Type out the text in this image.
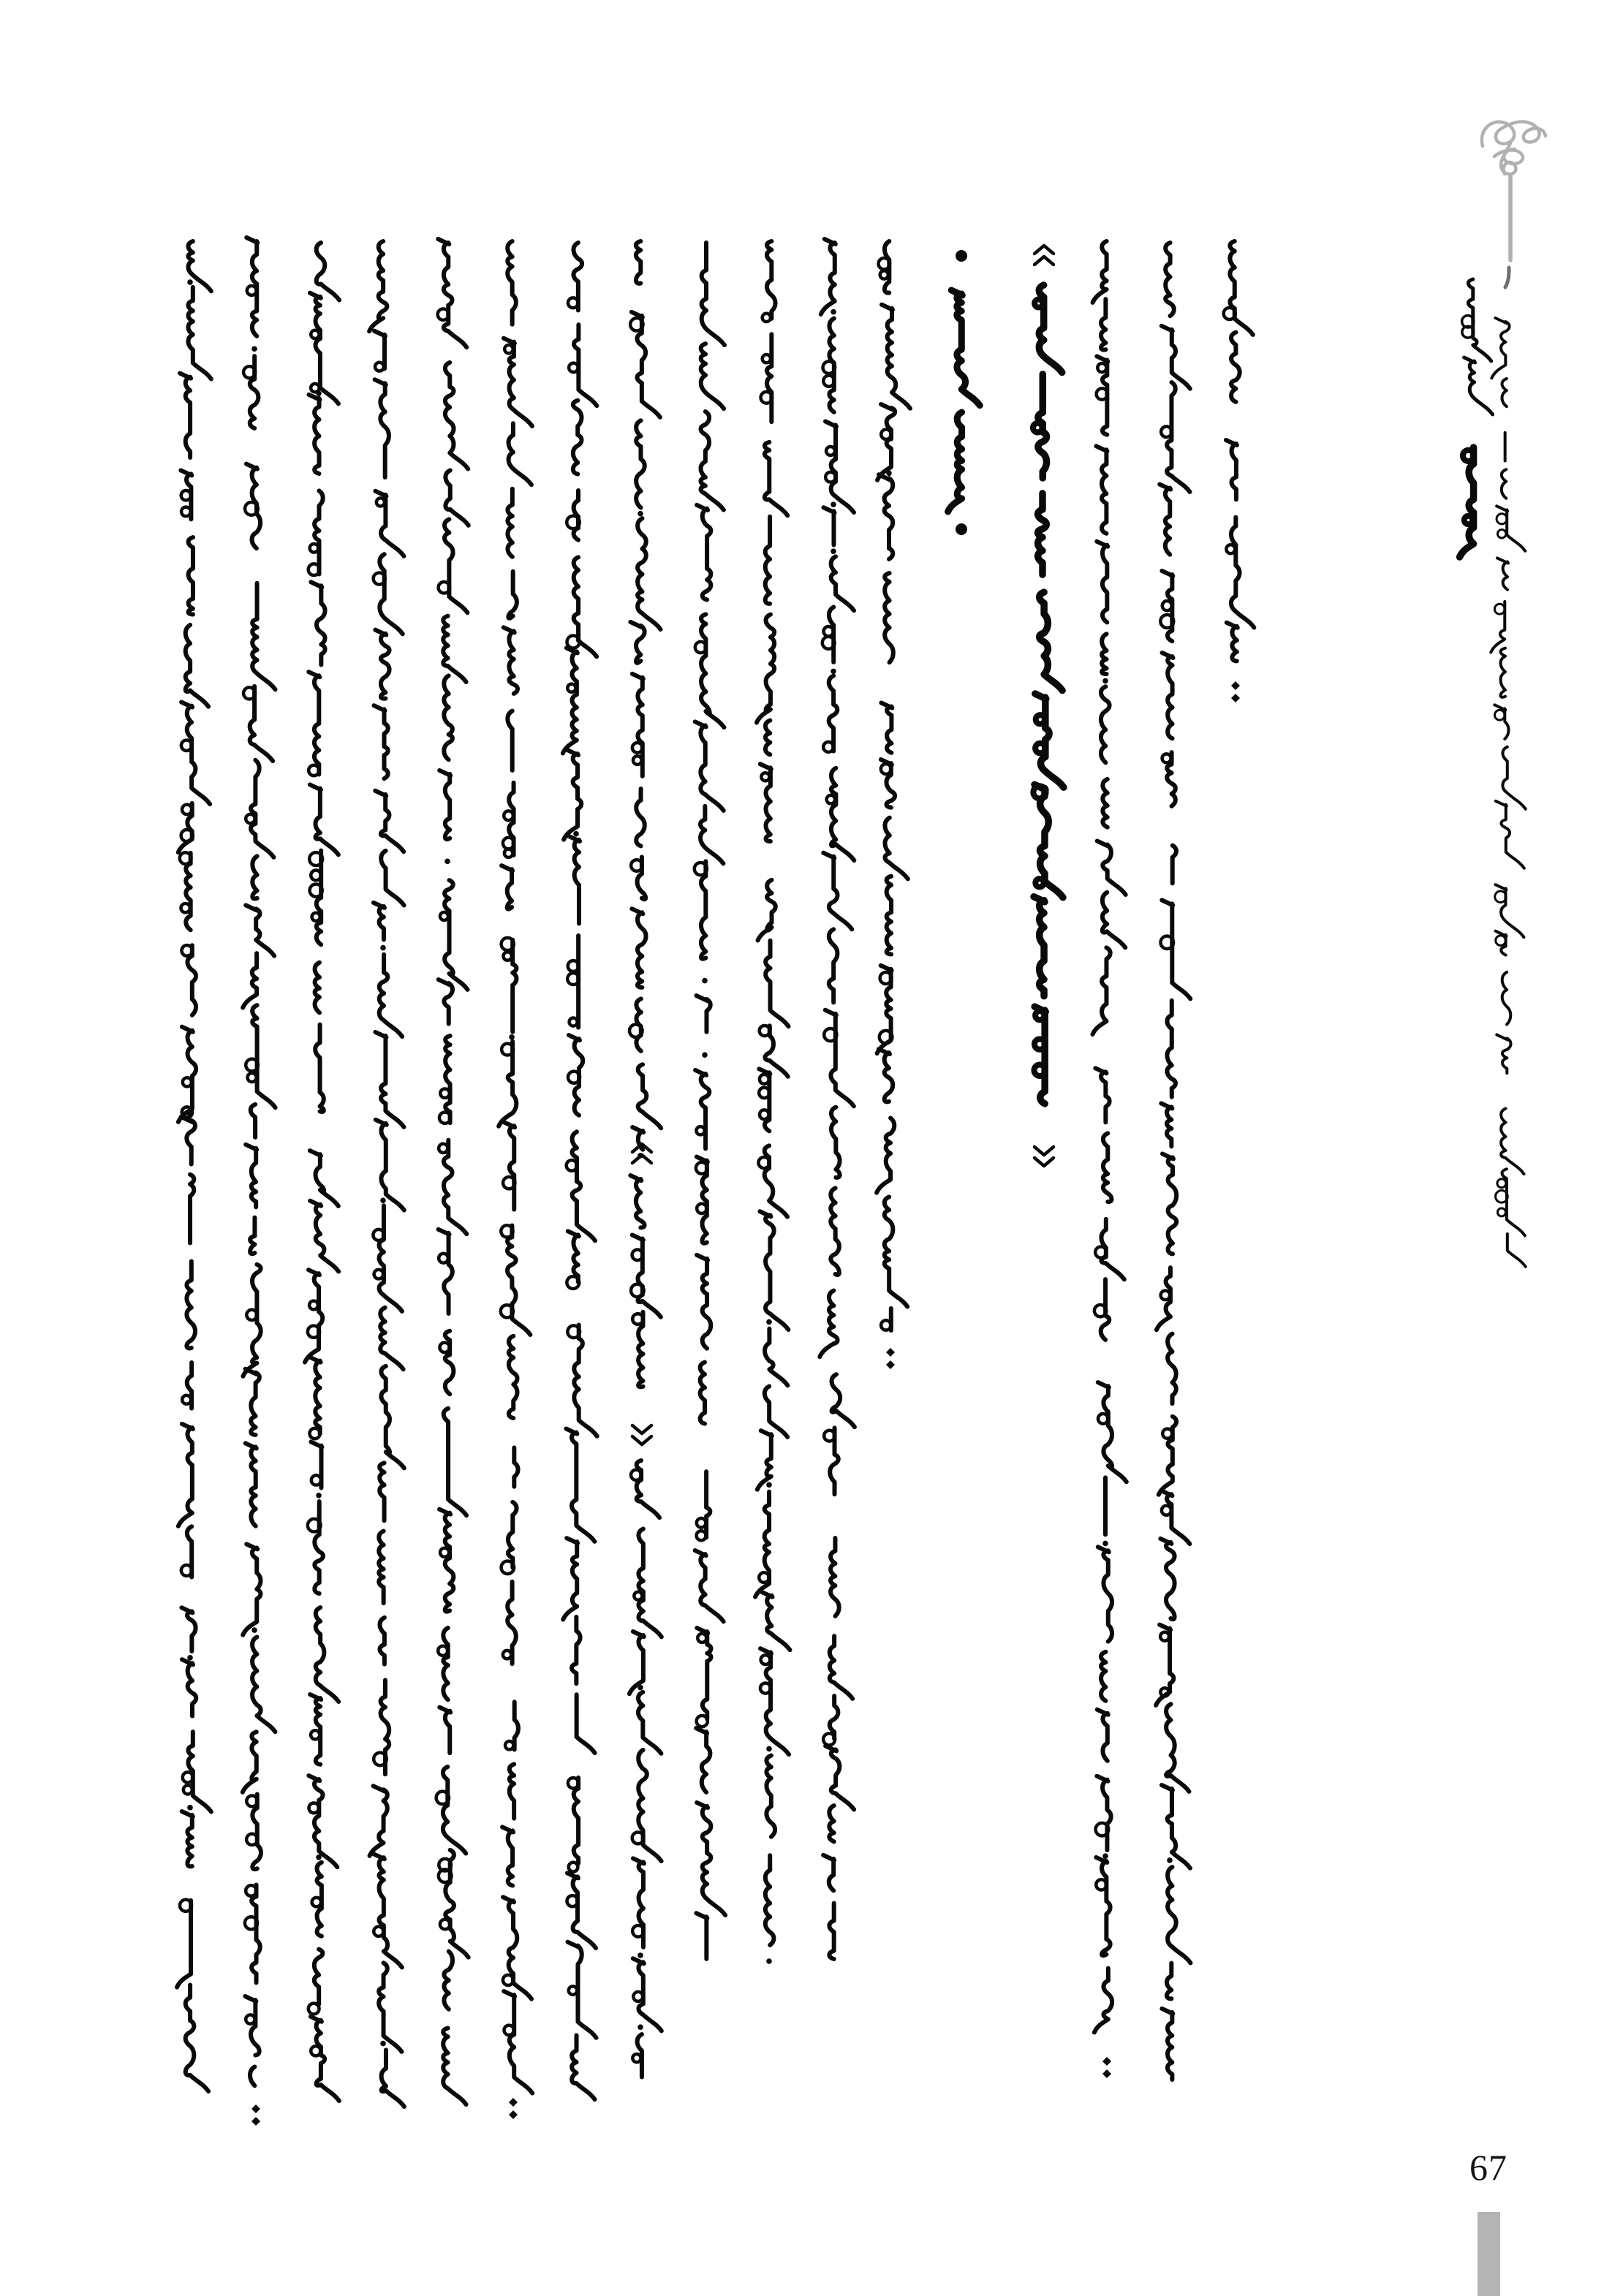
67
